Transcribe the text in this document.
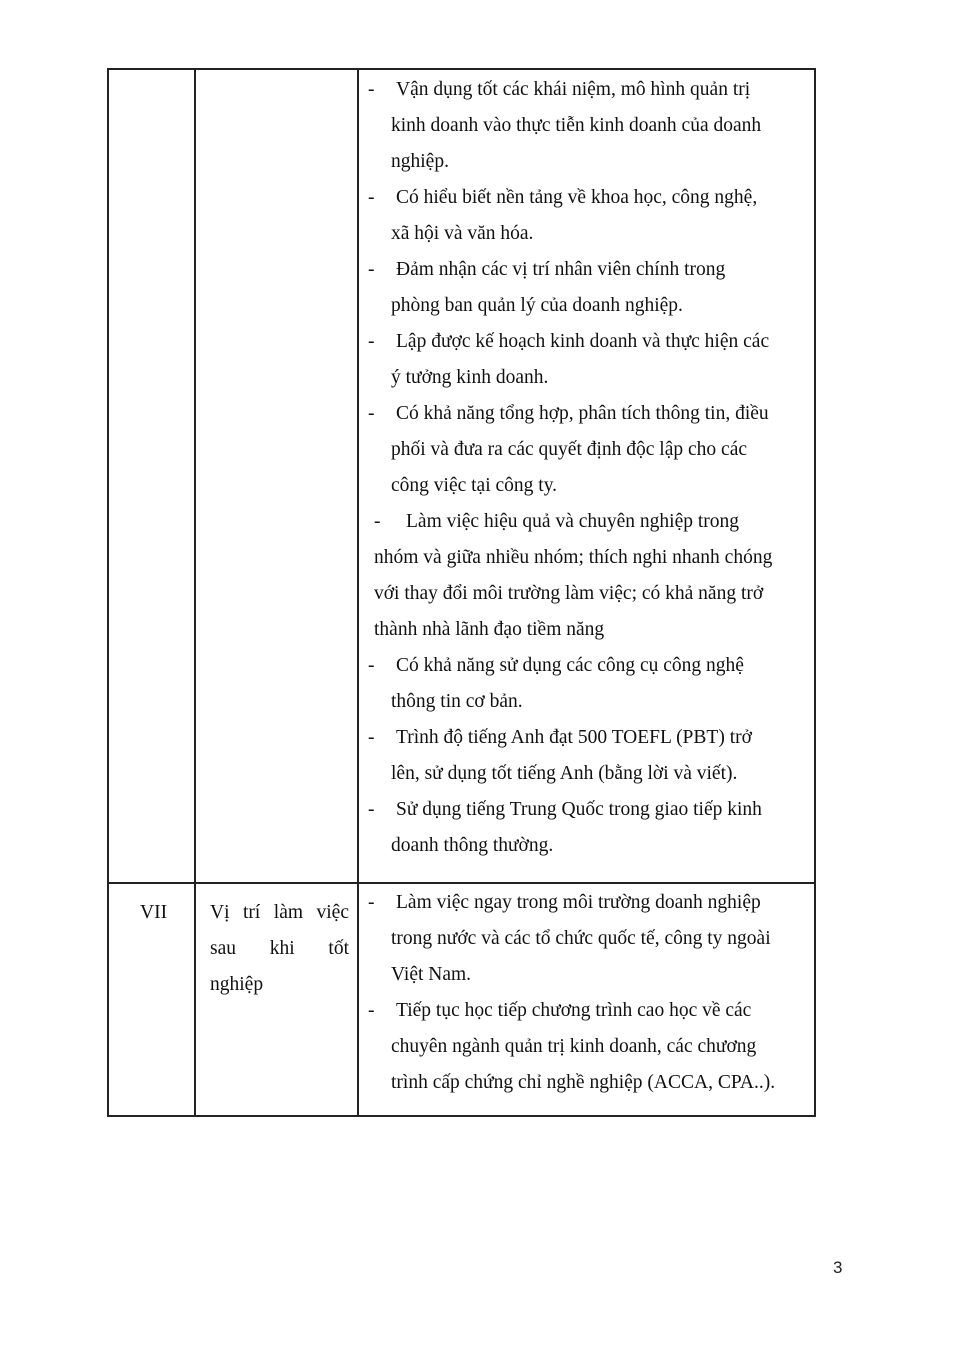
- Vận dụng tốt các khái niệm, mô hình quản trị
kinh doanh vào thực tiễn kinh doanh của doanh
nghiệp.
- Có hiểu biết nền tảng về khoa học, công nghệ,
xã hội và văn hóa.
- Đảm nhận các vị trí nhân viên chính trong
phòng ban quản lý của doanh nghiệp.
- Lập được kế hoạch kinh doanh và thực hiện các
ý tưởng kinh doanh.
- Có khả năng tổng hợp, phân tích thông tin, điều
phối và đưa ra các quyết định độc lập cho các
công việc tại công ty.
- Làm việc hiệu quả và chuyên nghiệp trong
nhóm và giữa nhiều nhóm; thích nghi nhanh chóng
với thay đổi môi trường làm việc; có khả năng trở
thành nhà lãnh đạo tiềm năng
- Có khả năng sử dụng các công cụ công nghệ
thông tin cơ bản.
- Trình độ tiếng Anh đạt 500 TOEFL (PBT) trở
lên, sử dụng tốt tiếng Anh (bằng lời và viết).
- Sử dụng tiếng Trung Quốc trong giao tiếp kinh
doanh thông thường.
- Làm việc ngay trong môi trường doanh nghiệp
trong nước và các tổ chức quốc tế, công ty ngoài
Việt Nam.
- Tiếp tục học tiếp chương trình cao học về các
chuyên ngành quản trị kinh doanh, các chương
trình cấp chứng chỉ nghề nghiệp (ACCA, CPA..).
VII Vị trí làm việc
sau khi tốt
nghiệp
3
